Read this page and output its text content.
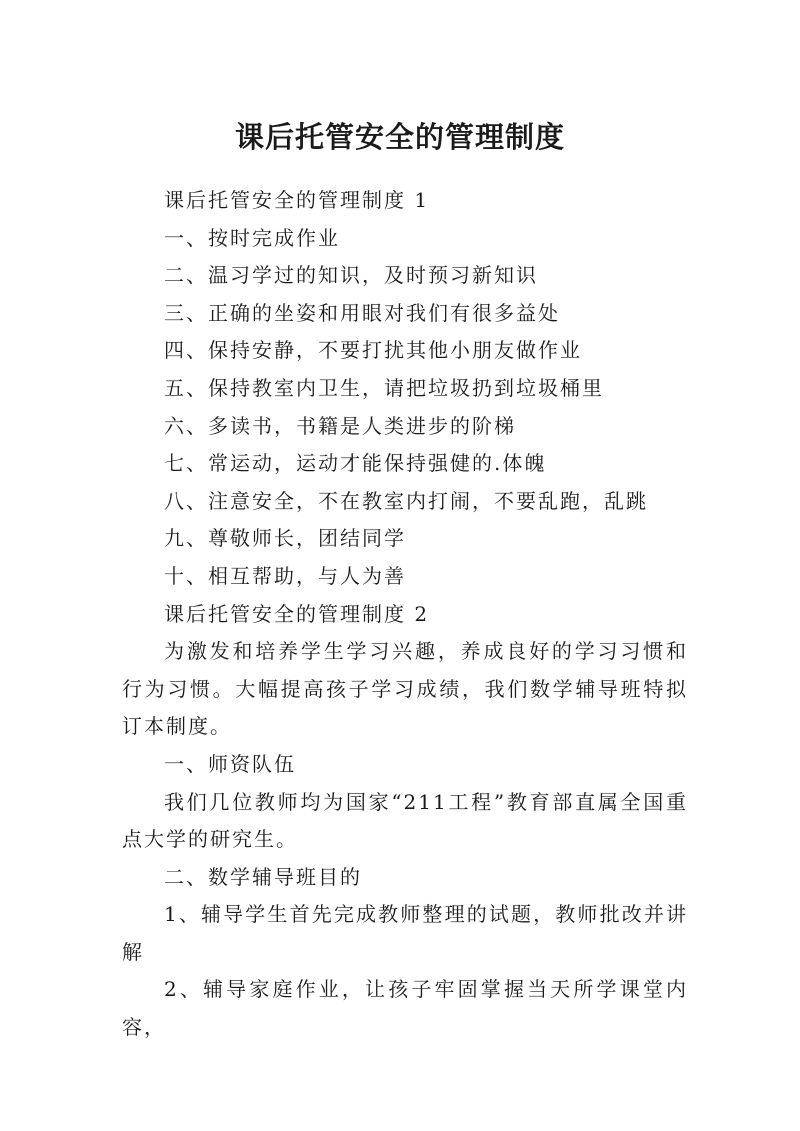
课后托管安全的管理制度

课后托管安全的管理制度 1

一、按时完成作业

二、温习学过的知识，及时预习新知识

三、正确的坐姿和用眼对我们有很多益处

四、保持安静，不要打扰其他小朋友做作业

五、保持教室内卫生，请把垃圾扔到垃圾桶里

六、多读书，书籍是人类进步的阶梯

七、常运动，运动才能保持强健的.体魄

八、注意安全，不在教室内打闹，不要乱跑，乱跳

九、尊敬师长，团结同学

十、相互帮助，与人为善

课后托管安全的管理制度 2

为激发和培养学生学习兴趣，养成良好的学习习惯和行为习惯。大幅提高孩子学习成绩，我们数学辅导班特拟订本制度。

一、师资队伍

我们几位教师均为国家“211工程”教育部直属全国重点大学的研究生。

二、数学辅导班目的

1、辅导学生首先完成教师整理的试题，教师批改并讲解

2、辅导家庭作业，让孩子牢固掌握当天所学课堂内容，
